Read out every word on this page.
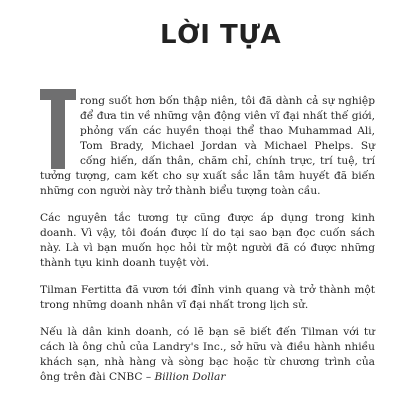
LỜI TỰA

rong suốt hơn bốn thập niên, tôi đã dành cả sự nghiệp để đưa tin về những vận động viên vĩ đại nhất thế giới, phỏng vấn các huyền thoại thể thao Muhammad Ali, Tom Brady, Michael Jordan và Michael Phelps. Sự cống hiến, dấn thân, chăm chỉ, chính trực, trí tuệ, trí tưởng tượng, cam kết cho sự xuất sắc lẫn tâm huyết đã biến những con người này trở thành biểu tượng toàn cầu.

Các nguyên tắc tương tự cũng được áp dụng trong kinh doanh. Vì vậy, tôi đoán được lí do tại sao bạn đọc cuốn sách này. Là vì bạn muốn học hỏi từ một người đã có được những thành tựu kinh doanh tuyệt vời.

Tilman Fertitta đã vươn tới đỉnh vinh quang và trở thành một trong những doanh nhân vĩ đại nhất trong lịch sử.

Nếu là dân kinh doanh, có lẽ bạn sẽ biết đến Tilman với tư cách là ông chủ của Landry's Inc., sở hữu và điều hành nhiều khách sạn, nhà hàng và sòng bạc hoặc từ chương trình của ông trên đài CNBC – Billion Dollar
